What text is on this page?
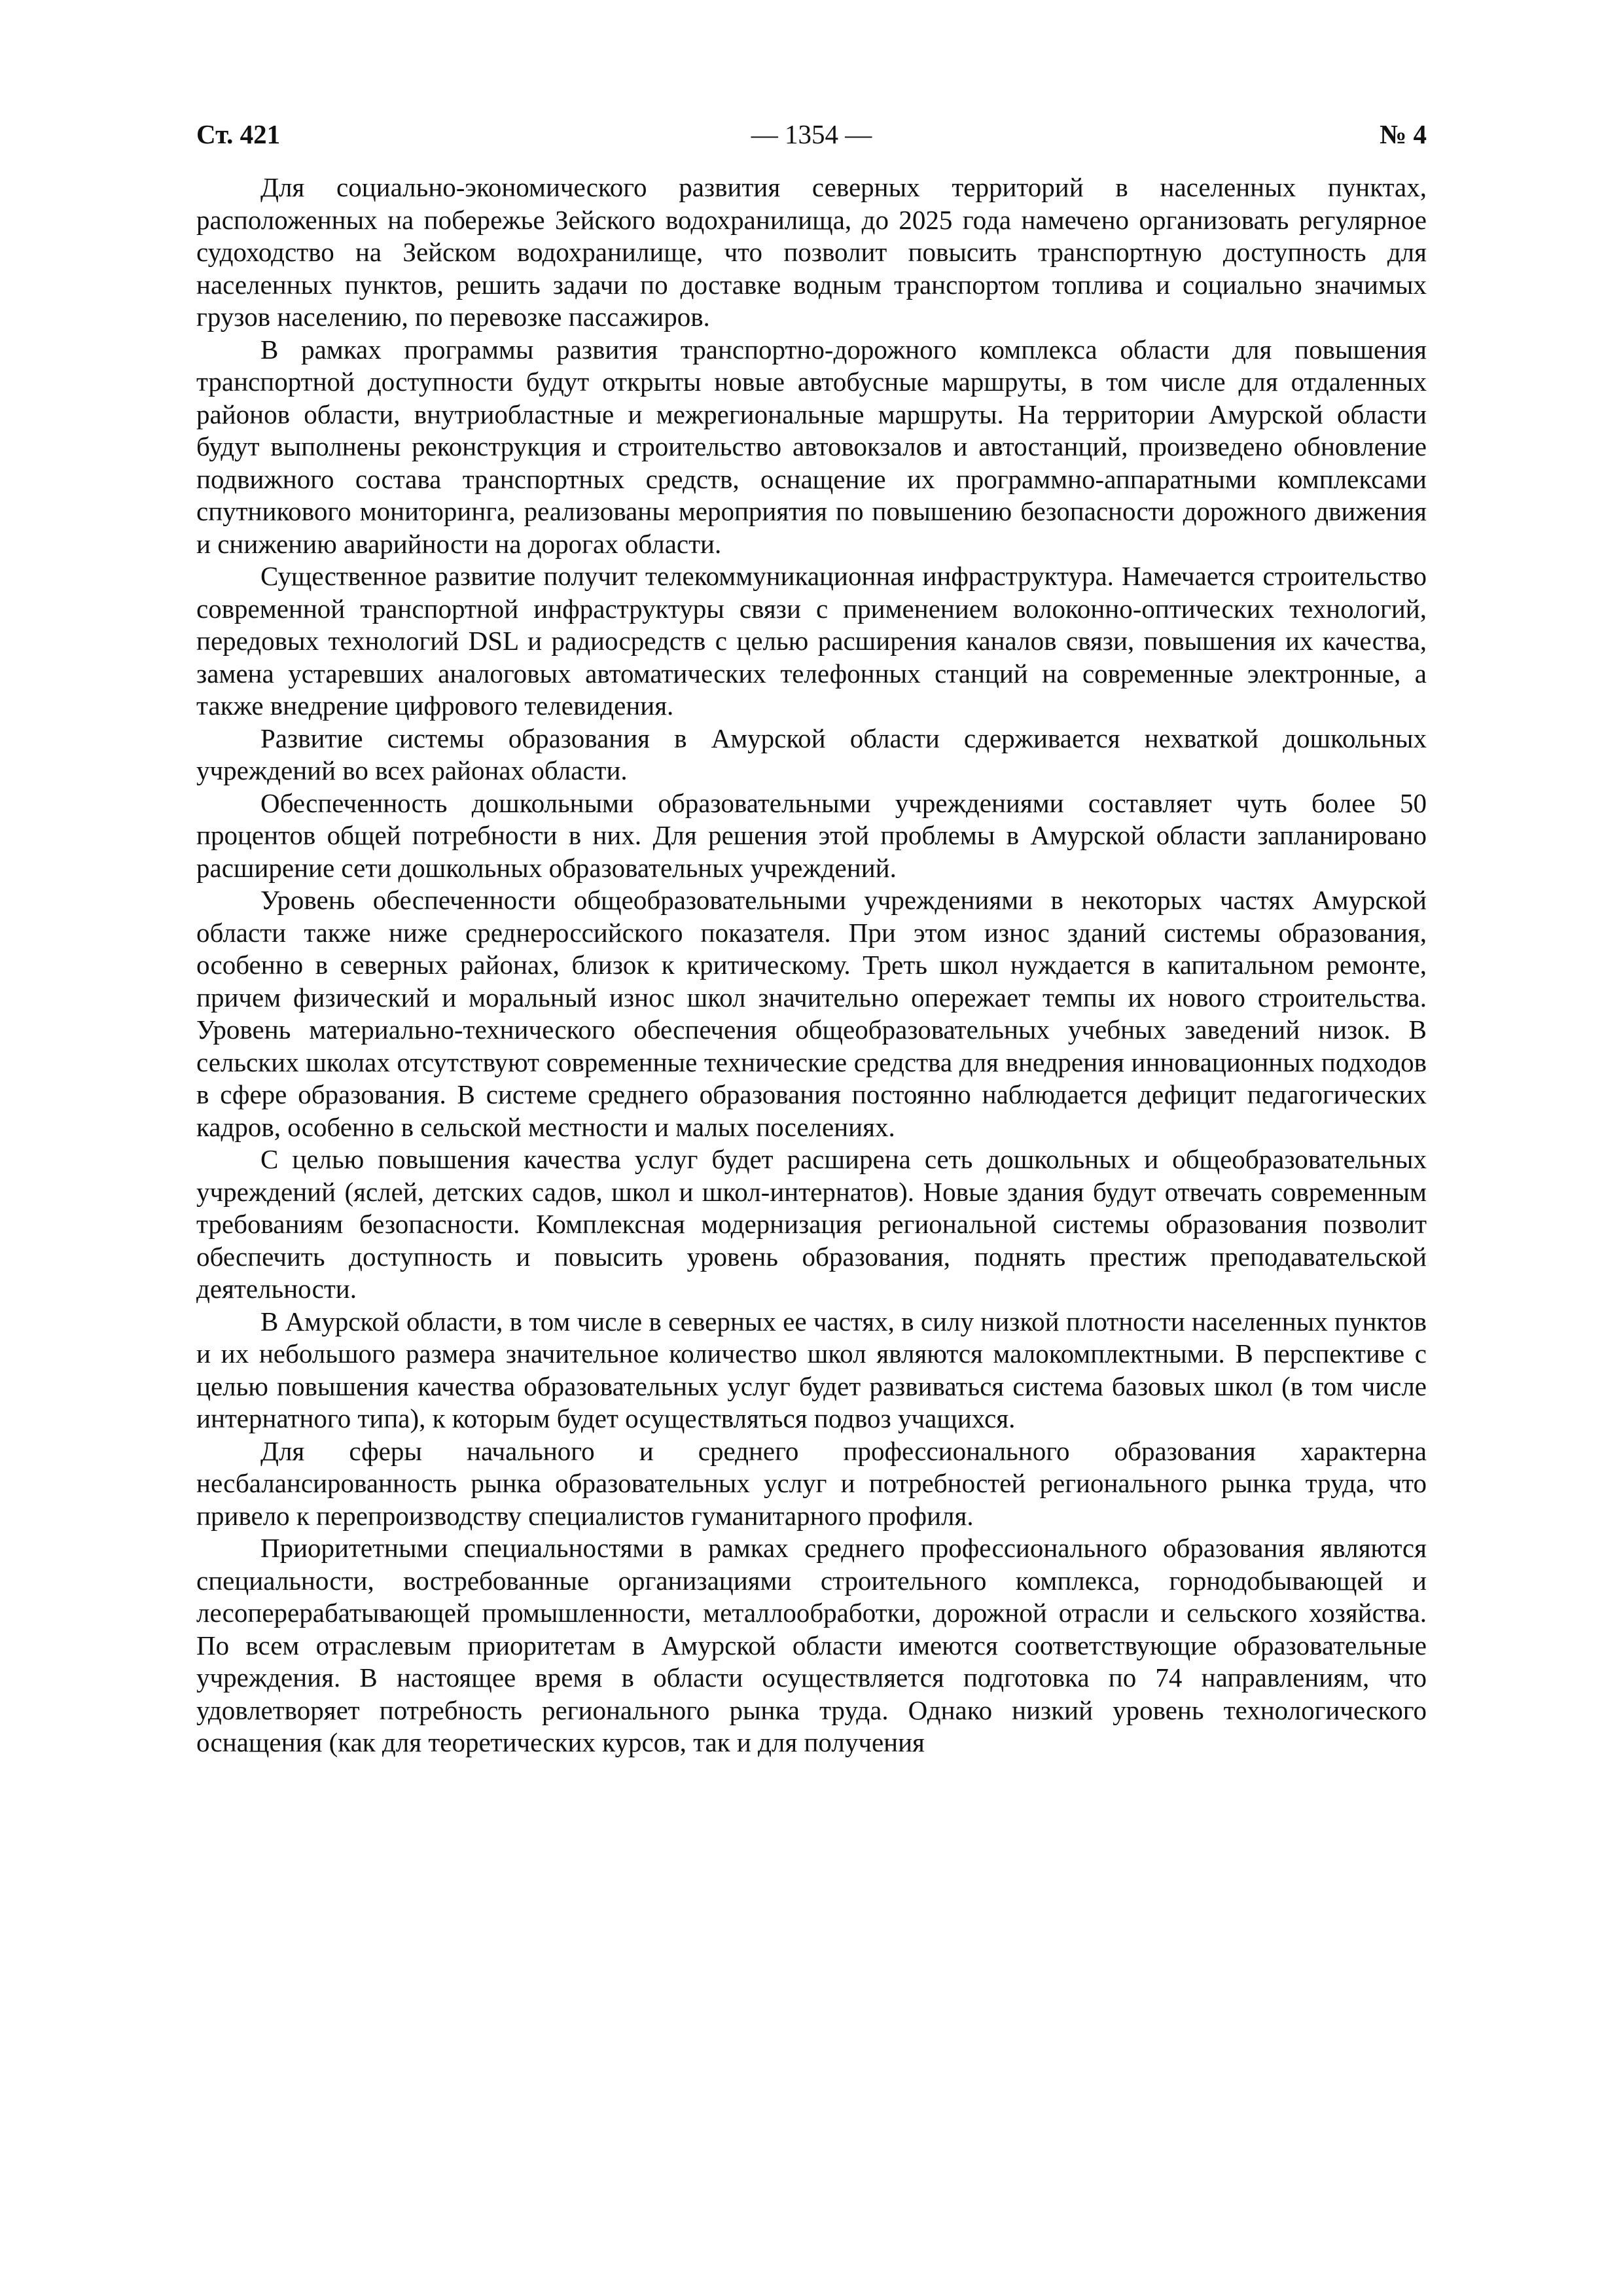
Ст. 421	— 1354 —	№ 4

Для социально-экономического развития северных территорий в населенных пунктах, расположенных на побережье Зейского водохранилища, до 2025 года намечено организовать регулярное судоходство на Зейском водохранилище, что позволит повысить транспортную доступность для населенных пунктов, решить задачи по доставке водным транспортом топлива и социально значимых грузов населению, по перевозке пассажиров.

В рамках программы развития транспортно-дорожного комплекса области для повышения транспортной доступности будут открыты новые автобусные маршруты, в том числе для отдаленных районов области, внутриобластные и межрегиональные маршруты. На территории Амурской области будут выполнены реконструкция и строительство автовокзалов и автостанций, произведено обновление подвижного состава транспортных средств, оснащение их программно-аппаратными комплексами спутникового мониторинга, реализованы мероприятия по повышению безопасности дорожного движения и снижению аварийности на дорогах области.

Существенное развитие получит телекоммуникационная инфраструктура. Намечается строительство современной транспортной инфраструктуры связи с применением волоконно-оптических технологий, передовых технологий DSL и радиосредств с целью расширения каналов связи, повышения их качества, замена устаревших аналоговых автоматических телефонных станций на современные электронные, а также внедрение цифрового телевидения.

Развитие системы образования в Амурской области сдерживается нехваткой дошкольных учреждений во всех районах области.

Обеспеченность дошкольными образовательными учреждениями составляет чуть более 50 процентов общей потребности в них. Для решения этой проблемы в Амурской области запланировано расширение сети дошкольных образовательных учреждений.

Уровень обеспеченности общеобразовательными учреждениями в некоторых частях Амурской области также ниже среднероссийского показателя. При этом износ зданий системы образования, особенно в северных районах, близок к критическому. Треть школ нуждается в капитальном ремонте, причем физический и моральный износ школ значительно опережает темпы их нового строительства. Уровень материально-технического обеспечения общеобразовательных учебных заведений низок. В сельских школах отсутствуют современные технические средства для внедрения инновационных подходов в сфере образования. В системе среднего образования постоянно наблюдается дефицит педагогических кадров, особенно в сельской местности и малых поселениях.

С целью повышения качества услуг будет расширена сеть дошкольных и общеобразовательных учреждений (яслей, детских садов, школ и школ-интернатов). Новые здания будут отвечать современным требованиям безопасности. Комплексная модернизация региональной системы образования позволит обеспечить доступность и повысить уровень образования, поднять престиж преподавательской деятельности.

В Амурской области, в том числе в северных ее частях, в силу низкой плотности населенных пунктов и их небольшого размера значительное количество школ являются малокомплектными. В перспективе с целью повышения качества образовательных услуг будет развиваться система базовых школ (в том числе интернатного типа), к которым будет осуществляться подвоз учащихся.

Для сферы начального и среднего профессионального образования характерна несбалансированность рынка образовательных услуг и потребностей регионального рынка труда, что привело к перепроизводству специалистов гуманитарного профиля.

Приоритетными специальностями в рамках среднего профессионального образования являются специальности, востребованные организациями строительного комплекса, горнодобывающей и лесоперерабатывающей промышленности, металлообработки, дорожной отрасли и сельского хозяйства. По всем отраслевым приоритетам в Амурской области имеются соответствующие образовательные учреждения. В настоящее время в области осуществляется подготовка по 74 направлениям, что удовлетворяет потребность регионального рынка труда. Однако низкий уровень технологического оснащения (как для теоретических курсов, так и для получения
